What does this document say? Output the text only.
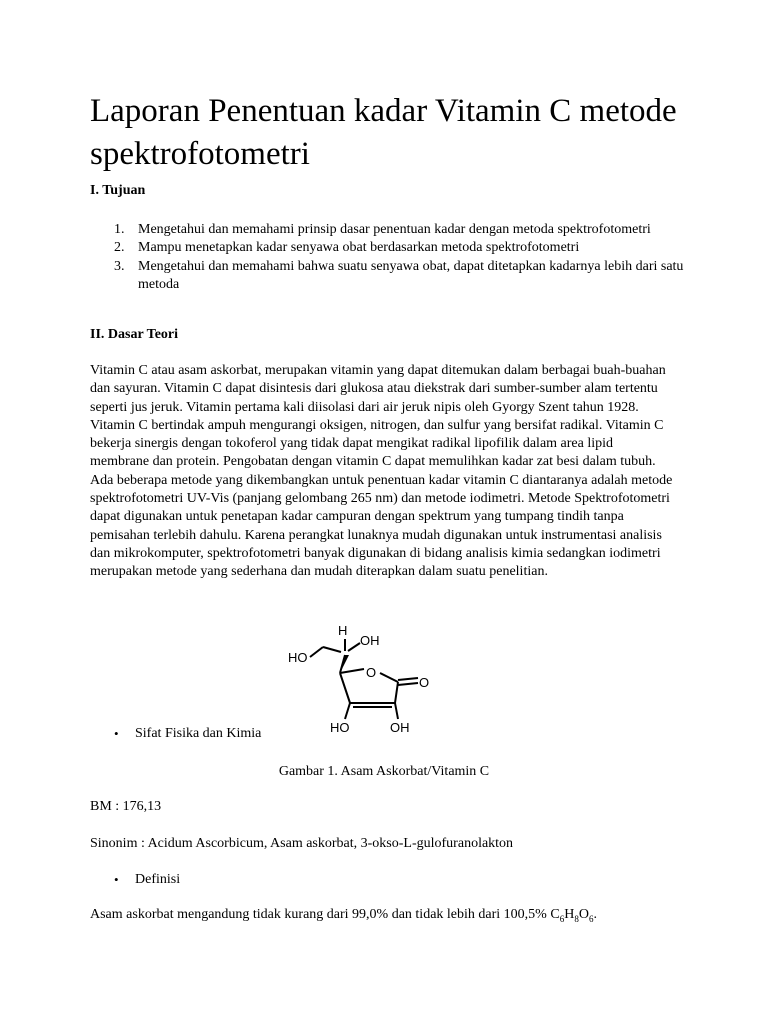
Laporan Penentuan kadar Vitamin C metode spektrofotometri
I. Tujuan
1. Mengetahui dan memahami prinsip dasar penentuan kadar dengan metoda spektrofotometri
2. Mampu menetapkan kadar senyawa obat berdasarkan metoda spektrofotometri
3. Mengetahui dan memahami bahwa suatu senyawa obat, dapat ditetapkan kadarnya lebih dari satu metoda
II. Dasar Teori

Vitamin C atau asam askorbat, merupakan vitamin yang dapat ditemukan dalam berbagai buah-buahan dan sayuran. Vitamin C dapat disintesis dari glukosa atau diekstrak dari sumber-sumber alam tertentu seperti jus jeruk. Vitamin pertama kali diisolasi dari air jeruk nipis oleh Gyorgy Szent tahun 1928. Vitamin C bertindak ampuh mengurangi oksigen, nitrogen, dan sulfur yang bersifat radikal. Vitamin C bekerja sinergis dengan tokoferol yang tidak dapat mengikat radikal lipofilik dalam area lipid membrane dan protein. Pengobatan dengan vitamin C dapat memulihkan kadar zat besi dalam tubuh. Ada beberapa metode yang dikembangkan untuk penentuan kadar vitamin C diantaranya adalah metode spektrofotometri UV-Vis (panjang gelombang 265 nm) dan metode iodimetri. Metode Spektrofotometri dapat digunakan untuk penetapan kadar campuran dengan spektrum yang tumpang tindih tanpa pemisahan terlebih dahulu. Karena perangkat lunaknya mudah digunakan untuk instrumentasi analisis dan mikrokomputer, spektrofotometri banyak digunakan di bidang analisis kimia sedangkan iodimetri merupakan metode yang sederhana dan mudah diterapkan dalam suatu penelitian.

H
OH
HO
O
O
HO	OH
• Sifat Fisika dan Kimia
Gambar 1. Asam Askorbat/Vitamin C
BM : 176,13
Sinonim : Acidum Ascorbicum, Asam askorbat, 3-okso-L-gulofuranolakton
• Definisi
Asam askorbat mengandung tidak kurang dari 99,0% dan tidak lebih dari 100,5% $C_6H_8O_6$.
